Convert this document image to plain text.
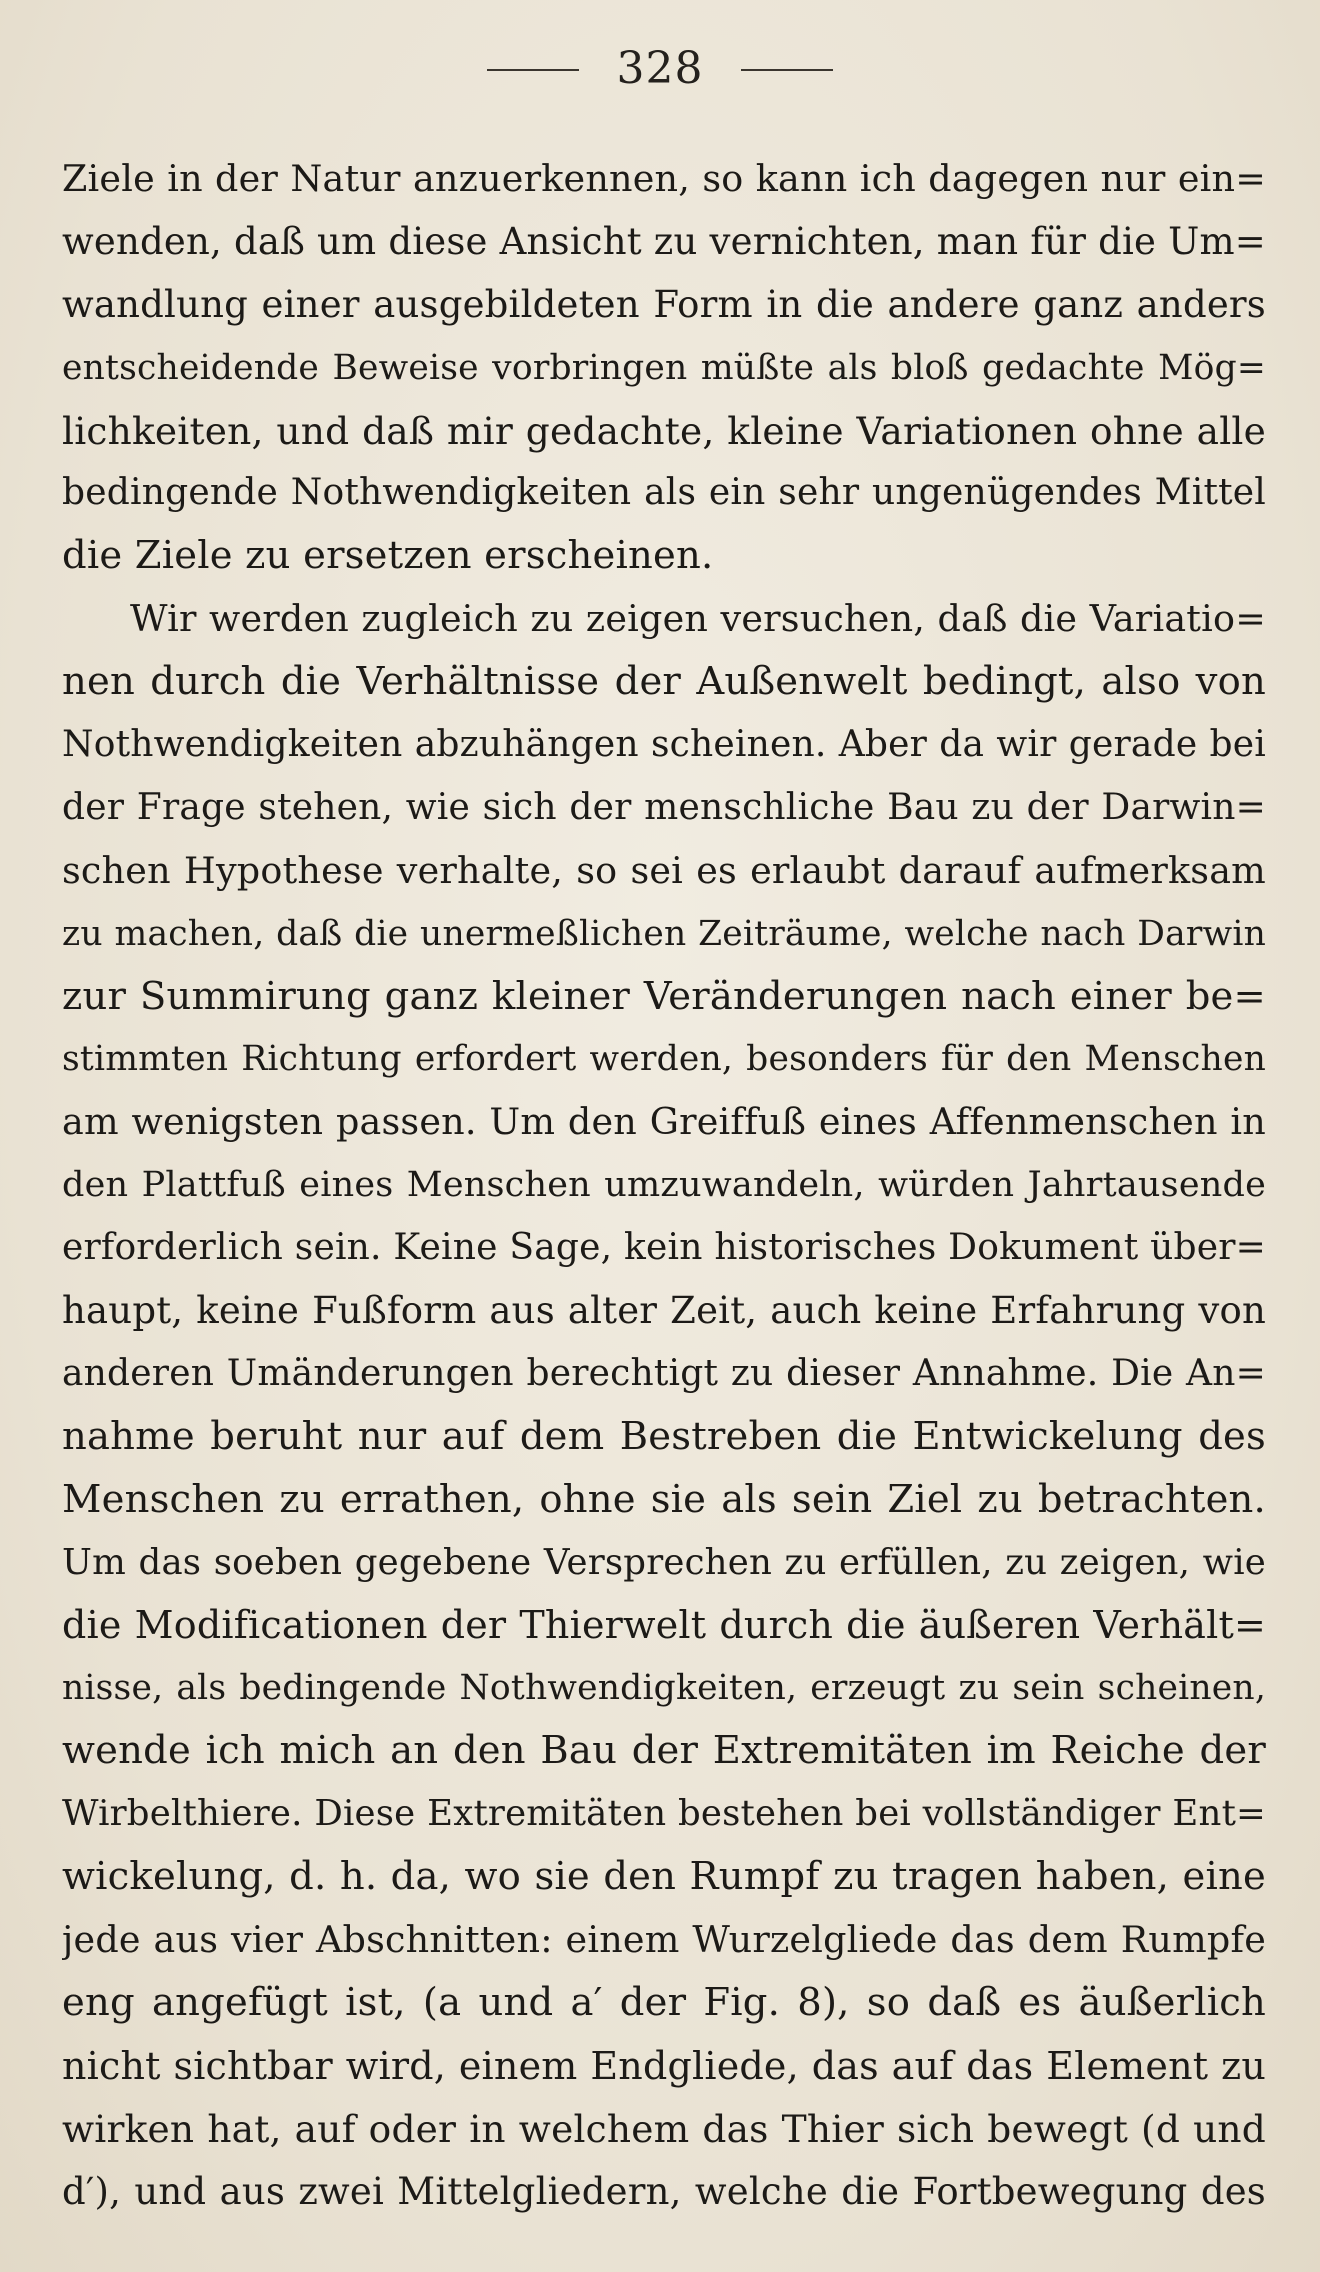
328
Ziele in der Natur anzuerkennen, so kann ich dagegen nur ein=
wenden, daß um diese Ansicht zu vernichten, man für die Um=
wandlung einer ausgebildeten Form in die andere ganz anders
entscheidende Beweise vorbringen müßte als bloß gedachte Mög=
lichkeiten, und daß mir gedachte, kleine Variationen ohne alle
bedingende Nothwendigkeiten als ein sehr ungenügendes Mittel
die Ziele zu ersetzen erscheinen.
Wir werden zugleich zu zeigen versuchen, daß die Variatio=
nen durch die Verhältnisse der Außenwelt bedingt, also von
Nothwendigkeiten abzuhängen scheinen. Aber da wir gerade bei
der Frage stehen, wie sich der menschliche Bau zu der Darwin=
schen Hypothese verhalte, so sei es erlaubt darauf aufmerksam
zu machen, daß die unermeßlichen Zeiträume, welche nach Darwin
zur Summirung ganz kleiner Veränderungen nach einer be=
stimmten Richtung erfordert werden, besonders für den Menschen
am wenigsten passen. Um den Greiffuß eines Affenmenschen in
den Plattfuß eines Menschen umzuwandeln, würden Jahrtausende
erforderlich sein. Keine Sage, kein historisches Dokument über=
haupt, keine Fußform aus alter Zeit, auch keine Erfahrung von
anderen Umänderungen berechtigt zu dieser Annahme. Die An=
nahme beruht nur auf dem Bestreben die Entwickelung des
Menschen zu errathen, ohne sie als sein Ziel zu betrachten.
Um das soeben gegebene Versprechen zu erfüllen, zu zeigen, wie
die Modificationen der Thierwelt durch die äußeren Verhält=
nisse, als bedingende Nothwendigkeiten, erzeugt zu sein scheinen,
wende ich mich an den Bau der Extremitäten im Reiche der
Wirbelthiere. Diese Extremitäten bestehen bei vollständiger Ent=
wickelung, d. h. da, wo sie den Rumpf zu tragen haben, eine
jede aus vier Abschnitten: einem Wurzelgliede das dem Rumpfe
eng angefügt ist, (a und a′ der Fig. 8), so daß es äußerlich
nicht sichtbar wird, einem Endgliede, das auf das Element zu
wirken hat, auf oder in welchem das Thier sich bewegt (d und
d′), und aus zwei Mittelgliedern, welche die Fortbewegung des
